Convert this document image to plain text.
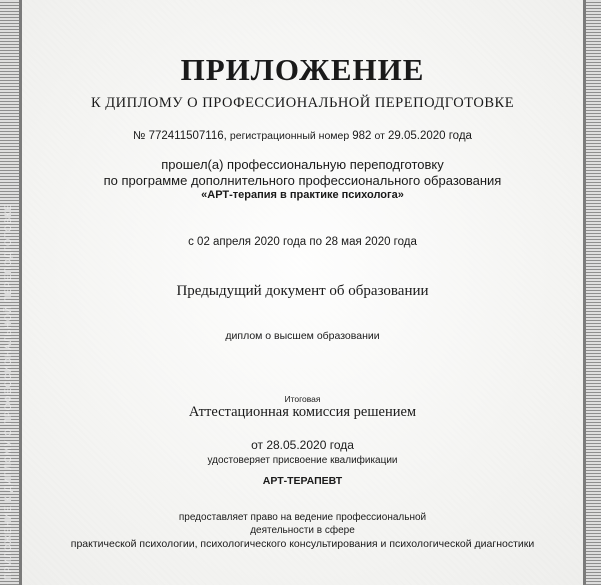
ПРИЛОЖЕНИЕ К ДИПЛОМУ О ПРОФЕССИОНАЛЬНОЙ ПЕРЕПОДГОТОВКЕ
ПРИЛОЖЕНИЕ
К ДИПЛОМУ О ПРОФЕССИОНАЛЬНОЙ ПЕРЕПОДГОТОВКЕ
№ 772411507116, регистрационный номер 982 от 29.05.2020 года
прошел(а) профессиональную переподготовку
по программе дополнительного профессионального образования
«АРТ-терапия в практике психолога»
с 02 апреля 2020 года по 28 мая 2020 года
Предыдущий документ об образовании
диплом о высшем образовании
Итоговая
Аттестационная комиссия решением
от 28.05.2020 года
удостоверяет присвоение квалификации
АРТ-ТЕРАПЕВТ
предоставляет право на ведение профессиональной
деятельности в сфере
практической психологии, психологического консультирования и психологической диагностики
